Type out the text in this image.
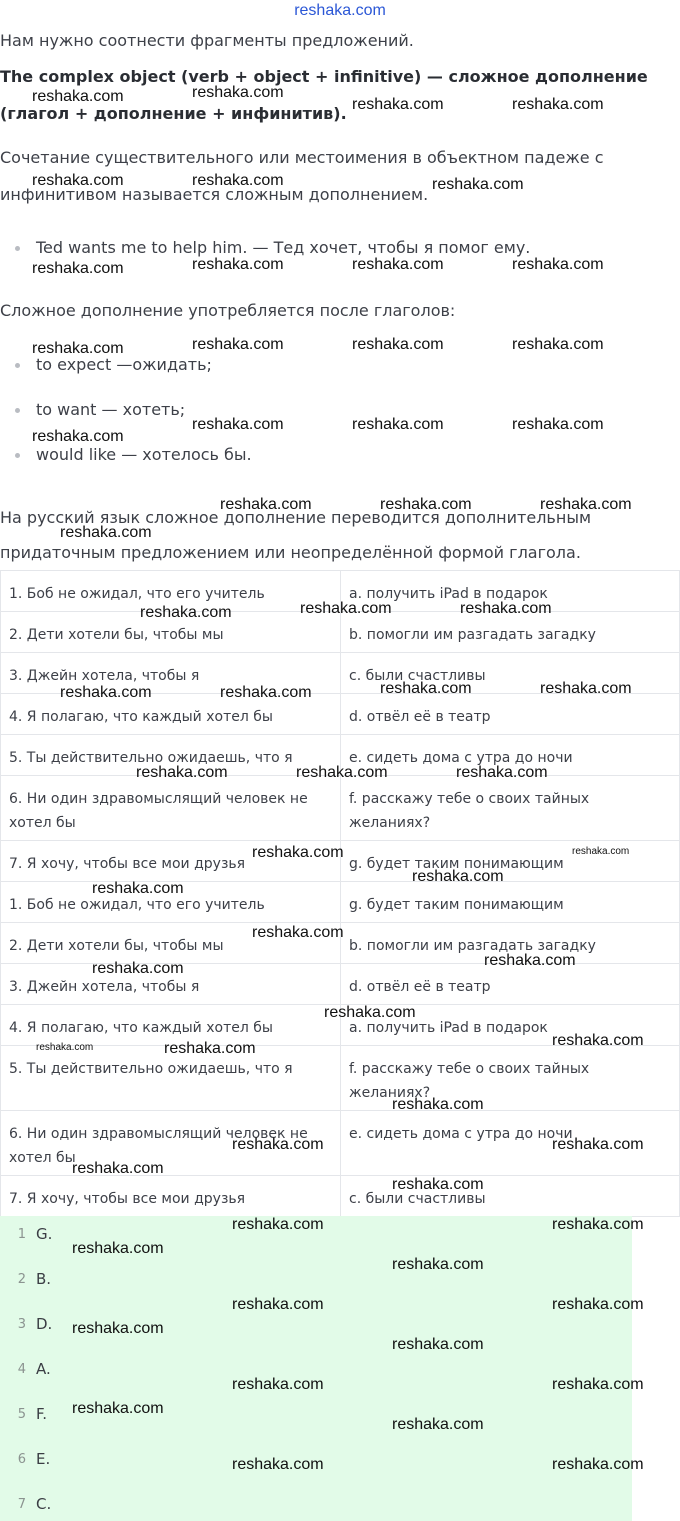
reshaka.com

Нам нужно соотнести фрагменты предложений.

The complex object (verb + object + infinitive) — сложное дополнение (глагол + дополнение + инфинитив).

Сочетание существительного или местоимения в объектном падеже с инфинитивом называется сложным дополнением.

Ted wants me to help him. — Тед хочет, чтобы я помог ему.

Сложное дополнение употребляется после глаголов:

to expect —ожидать;
to want — хотеть;
would like — хотелось бы.

На русский язык сложное дополнение переводится дополнительным придаточным предложением или неопределённой формой глагола.

1. Боб не ожидал, что его учитель	a. получить iPad в подарок
2. Дети хотели бы, чтобы мы	b. помогли им разгадать загадку
3. Джейн хотела, чтобы я	c. были счастливы
4. Я полагаю, что каждый хотел бы	d. отвёл её в театр
5. Ты действительно ожидаешь, что я	e. сидеть дома с утра до ночи
6. Ни один здравомыслящий человек не хотел бы	f. расскажу тебе о своих тайных желаниях?
7. Я хочу, чтобы все мои друзья	g. будет таким понимающим
1. Боб не ожидал, что его учитель	g. будет таким понимающим
2. Дети хотели бы, чтобы мы	b. помогли им разгадать загадку
3. Джейн хотела, чтобы я	d. отвёл её в театр
4. Я полагаю, что каждый хотел бы	a. получить iPad в подарок
5. Ты действительно ожидаешь, что я	f. расскажу тебе о своих тайных желаниях?
6. Ни один здравомыслящий человек не хотел бы	e. сидеть дома с утра до ночи
7. Я хочу, чтобы все мои друзья	c. были счастливы
1 G.
2 B.
3 D.
4 A.
5 F.
6 E.
7 C.
reshaka.com	reshaka.com
reshaka.com	reshaka.com
reshaka.com	reshaka.com	reshaka.com
reshaka.com	reshaka.com	reshaka.com	reshaka.com
reshaka.com	reshaka.com	reshaka.com	reshaka.com
reshaka.com
reshaka.com	reshaka.com	reshaka.com
reshaka.com	reshaka.com	reshaka.com
reshaka.com
reshaka.com	reshaka.com	reshaka.com
reshaka.com	reshaka.com	reshaka.com	reshaka.com
reshaka.com	reshaka.com	reshaka.com
reshaka.com	reshaka.com
reshaka.com
reshaka.com
reshaka.com
reshaka.com
reshaka.com
reshaka.com
reshaka.com
reshaka.com	reshaka.com
reshaka.com
reshaka.com	reshaka.com
reshaka.com
reshaka.com
reshaka.com	reshaka.com
reshaka.com
reshaka.com
reshaka.com	reshaka.com
reshaka.com
reshaka.com
reshaka.com	reshaka.com
reshaka.com
reshaka.com
reshaka.com	reshaka.com
